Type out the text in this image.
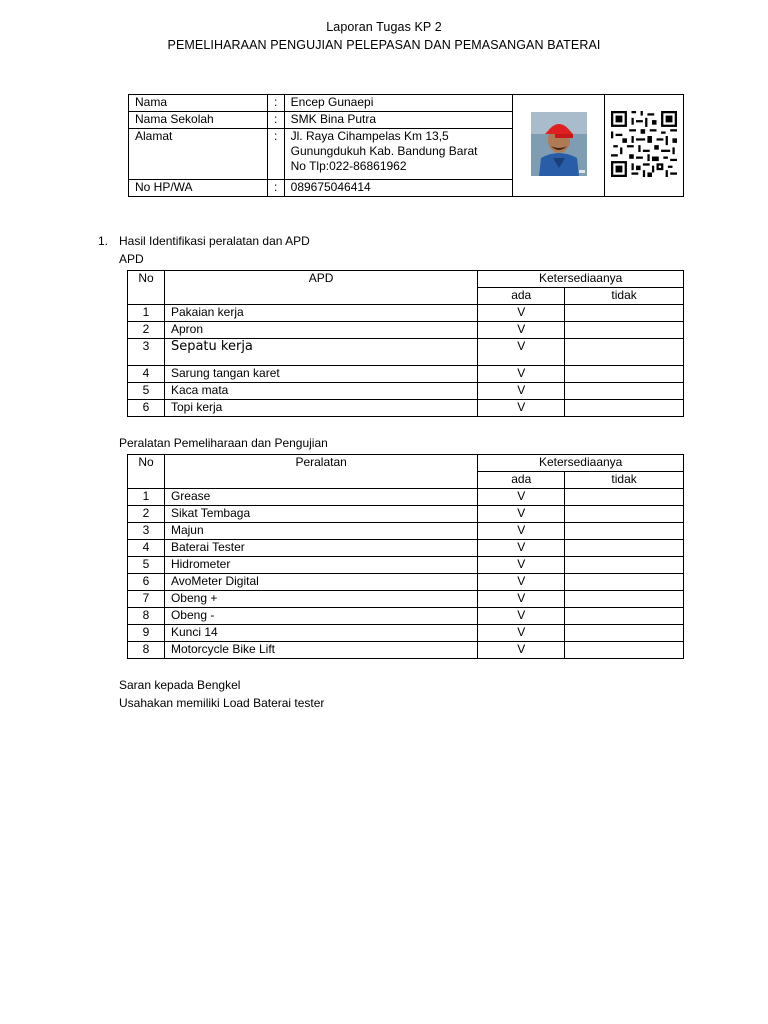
Laporan Tugas KP 2
PEMELIHARAAN PENGUJIAN PELEPASAN DAN PEMASANGAN BATERAI
Nama	:	Encep Gunaepi		
Nama Sekolah	:	SMK Bina Putra		
Alamat	:	Jl. Raya Cihampelas Km 13,5
Gunungdukuh Kab. Bandung Barat
No Tlp:022-86861962		

No HP/WA	:	089675046414		
1. Hasil Identifikasi peralatan dan APD
APD
No	APD	Ketersediaanya	
		ada	tidak
1	Pakaian kerja	V	
2	Apron	V	
3	Sepatu kerja	V	
4	Sarung tangan karet	V	
5	Kaca mata	V	
6	Topi kerja	V	
Peralatan Pemeliharaan dan Pengujian
No	Peralatan	Ketersediaanya	
		ada	tidak
1	Grease	V	
2	Sikat Tembaga	V	
3	Majun	V	
4	Baterai Tester	V	
5	Hidrometer	V	
6	AvoMeter Digital	V	
7	Obeng +	V	
8	Obeng -	V	
9	Kunci 14	V	
8	Motorcycle Bike Lift	V	
Saran kepada Bengkel
Usahakan memiliki Load Baterai tester
